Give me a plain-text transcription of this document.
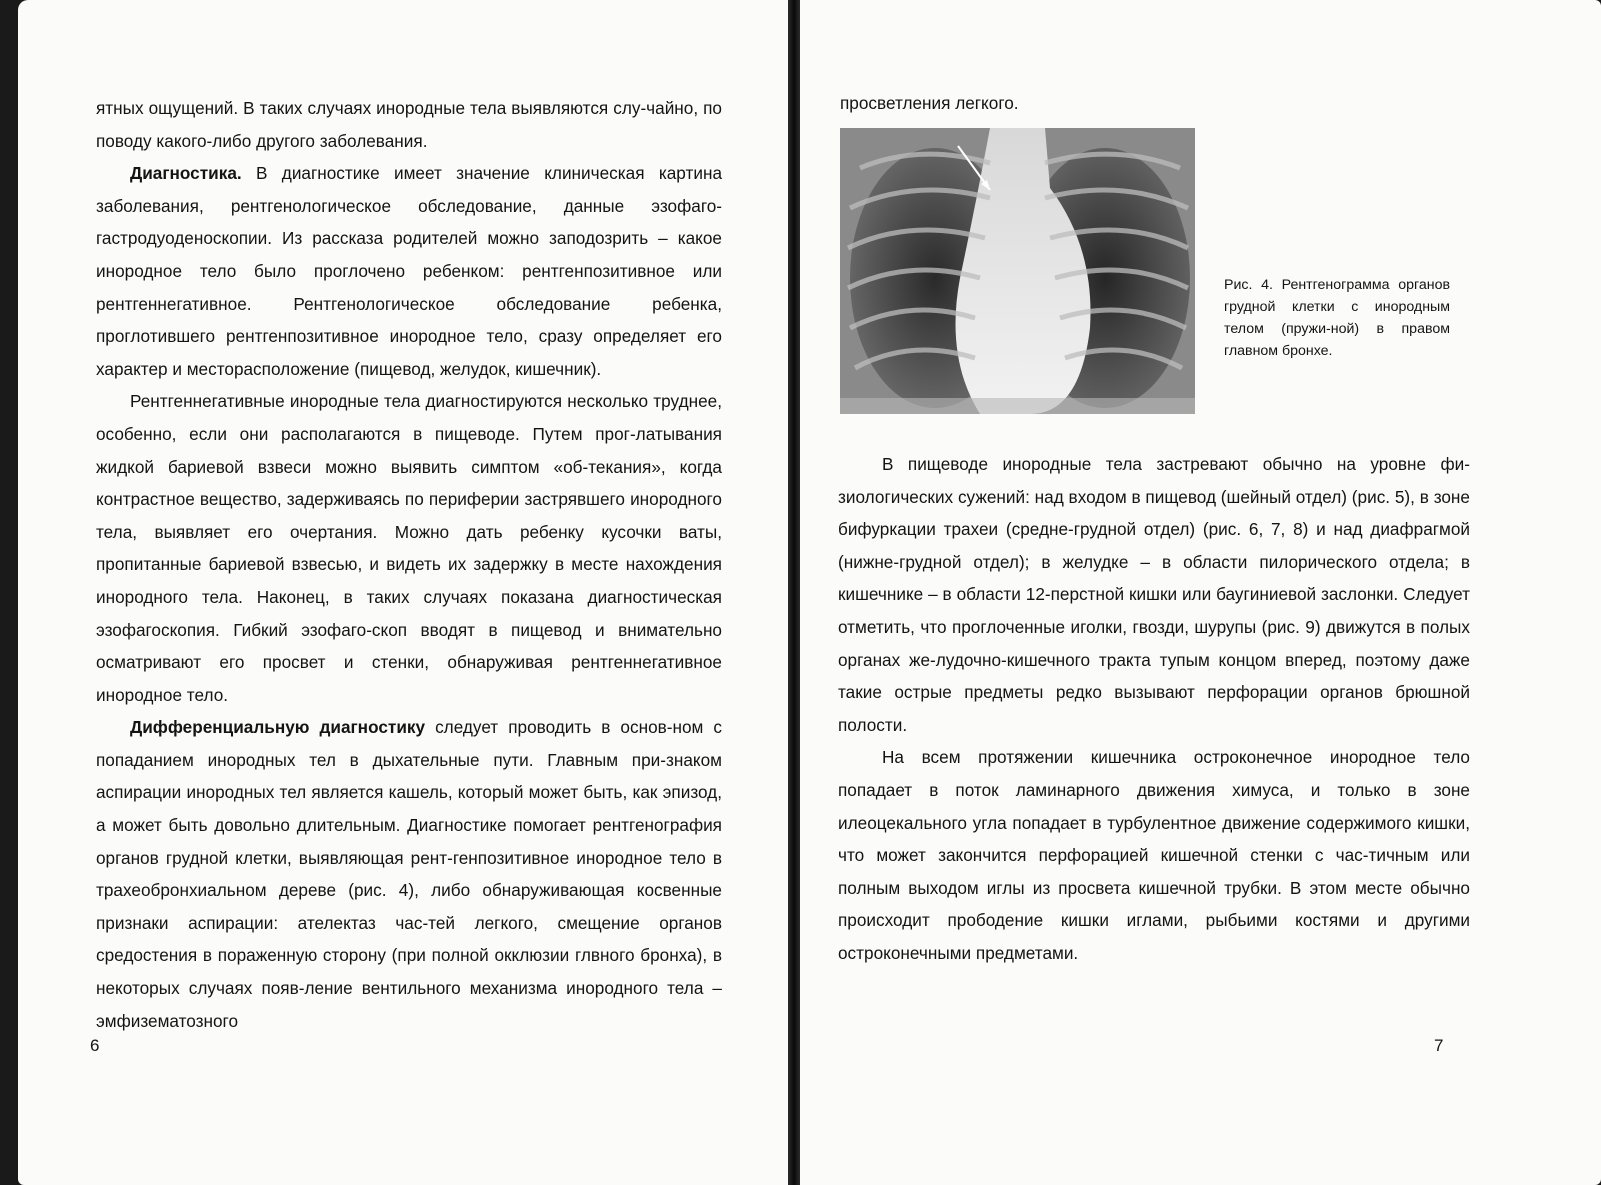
ятных ощущений. В таких случаях инородные тела выявляются слу-чайно, по поводу какого-либо другого заболевания.

Диагностика. В диагностике имеет значение клиническая картина заболевания, рентгенологическое обследование, данные эзофаго-гастродуоденоскопии. Из рассказа родителей можно заподозрить – какое инородное тело было проглочено ребенком: рентгенпозитивное или рентгеннегативное. Рентгенологическое обследование ребенка, проглотившего рентгенпозитивное инородное тело, сразу определяет его характер и месторасположение (пищевод, желудок, кишечник).

Рентгеннегативные инородные тела диагностируются несколько труднее, особенно, если они располагаются в пищеводе. Путем прог-латывания жидкой бариевой взвеси можно выявить симптом «об-текания», когда контрастное вещество, задерживаясь по периферии застрявшего инородного тела, выявляет его очертания. Можно дать ребенку кусочки ваты, пропитанные бариевой взвесью, и видеть их задержку в месте нахождения инородного тела. Наконец, в таких случаях показана диагностическая эзофагоскопия. Гибкий эзофаго-скоп вводят в пищевод и внимательно осматривают его просвет и стенки, обнаруживая рентгеннегативное инородное тело.

Дифференциальную диагностику следует проводить в основ-ном с попаданием инородных тел в дыхательные пути. Главным при-знаком аспирации инородных тел является кашель, который может быть, как эпизод, а может быть довольно длительным. Диагностике помогает рентгенография органов грудной клетки, выявляющая рент-генпозитивное инородное тело в трахеобронхиальном дереве (рис. 4), либо обнаруживающая косвенные признаки аспирации: ателектаз час-тей легкого, смещение органов средостения в пораженную сторону (при полной окклюзии глвного бронха), в некоторых случаях появ-ление вентильного механизма инородного тела – эмфизематозного

6

просветления легкого.

Рис. 4. Рентгенограмма органов грудной клетки с инородным телом (пружи-ной) в правом главном бронхе.

В пищеводе инородные тела застревают обычно на уровне фи-зиологических сужений: над входом в пищевод (шейный отдел) (рис. 5), в зоне бифуркации трахеи (средне-грудной отдел) (рис. 6, 7, 8) и над диафрагмой (нижне-грудной отдел); в желудке – в области пилорического отдела; в кишечнике – в области 12-перстной кишки или баугиниевой заслонки. Следует отметить, что проглоченные иголки, гвозди, шурупы (рис. 9) движутся в полых органах же-лудочно-кишечного тракта тупым концом вперед, поэтому даже такие острые предметы редко вызывают перфорации органов брюшной полости.

На всем протяжении кишечника остроконечное инородное тело попадает в поток ламинарного движения химуса, и только в зоне илеоцекального угла попадает в турбулентное движение содержимого кишки, что может закончится перфорацией кишечной стенки с час-тичным или полным выходом иглы из просвета кишечной трубки. В этом месте обычно происходит прободение кишки иглами, рыбьими костями и другими остроконечными предметами.

7
